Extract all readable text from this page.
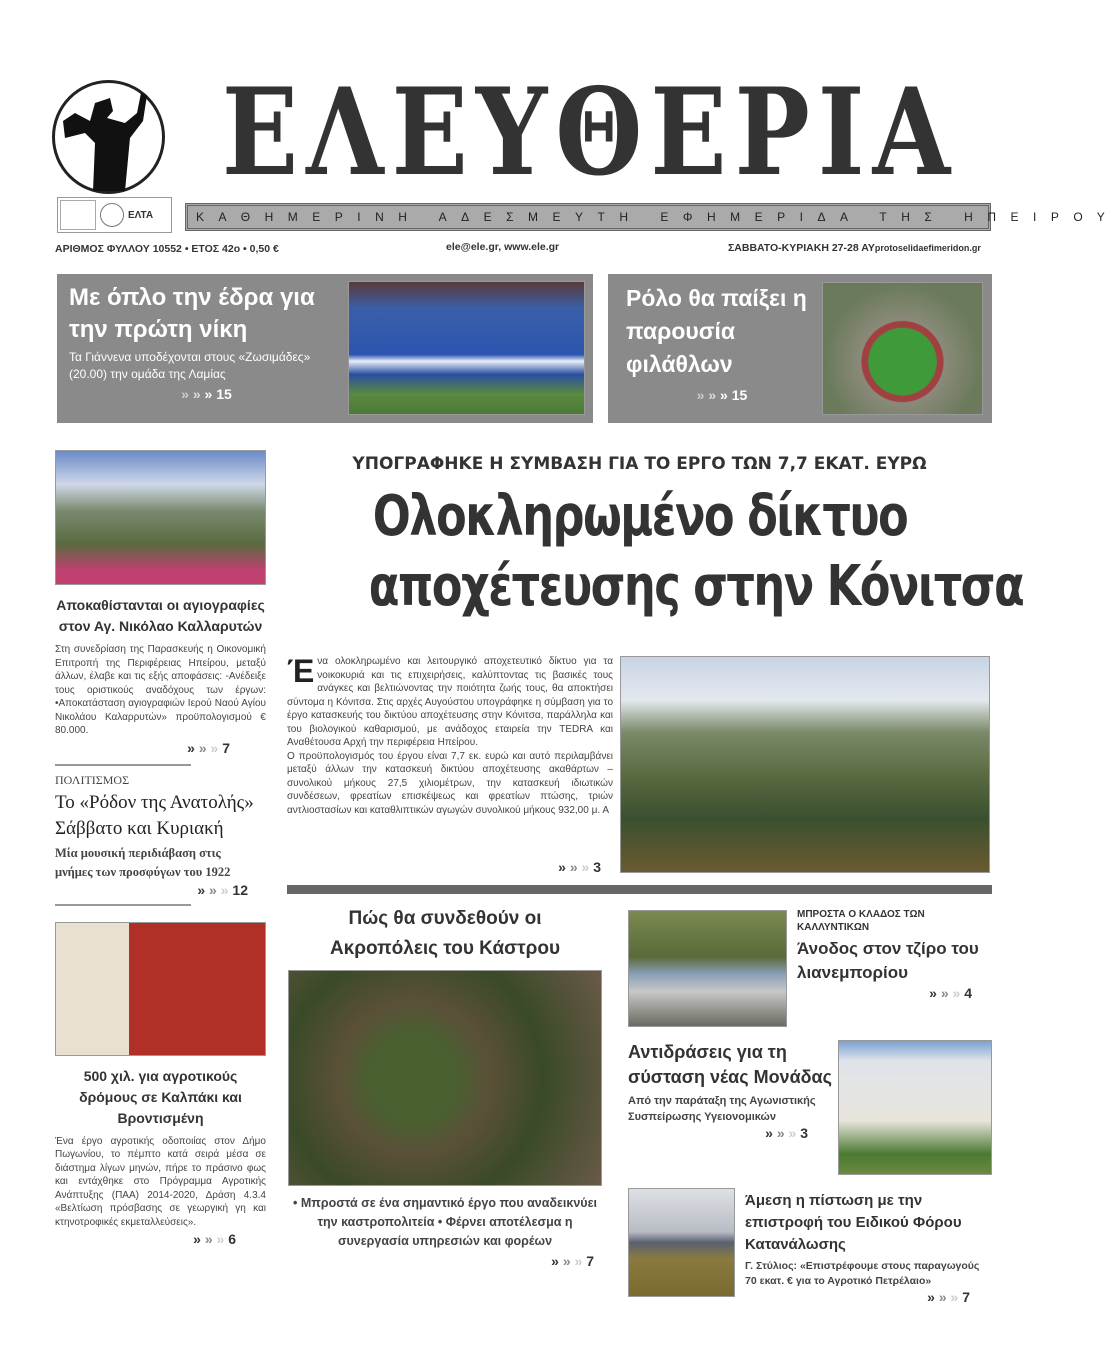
ΕΛΤΑ
ΕΛΕΥΘΕΡΙΑ
ΚΑΘΗΜΕΡΙΝΗ ΑΔΕΣΜΕΥΤΗ ΕΦΗΜΕΡΙΔΑ ΤΗΣ ΗΠΕΙΡΟΥ
ΑΡΙΘΜΟΣ ΦΥΛΛΟΥ 10552 • ΕΤΟΣ 42ο • 0,50 €	ele@ele.gr, www.ele.gr	ΣΑΒΒΑΤΟ-ΚΥΡΙΑΚΗ 27-28 ΑΥprotoselidaefimeridon.gr
Με όπλο την έδρα για την πρώτη νίκη
Τα Γιάννενα υποδέχονται στους «Ζωσιμάδες» (20.00) την ομάδα της Λαμίας
» » » 15
Ρόλο θα παίξει η παρουσία φιλάθλων
» » » 15
Αποκαθίστανται οι αγιογραφίες στον Αγ. Νικόλαο Καλλαρυτών
Στη συνεδρίαση της Παρασκευής η Οικονομική Επιτροπή της Περιφέρειας Ηπείρου, μεταξύ άλλων, έλαβε και τις εξής αποφάσεις: -Ανέδειξε τους οριστικούς αναδόχους των έργων: •Αποκατάσταση αγιογραφιών Ιερού Ναού Αγίου Νικολάου Καλαρρυτών» προϋπολογισμού € 80.000.
» » » 7
ΠΟΛΙΤΙΣΜΟΣ
Το «Ρόδον της Ανατολής» Σάββατο και Κυριακή
Μία μουσική περιδιάβαση στις μνήμες των προσφύγων του 1922
» » » 12
500 χιλ. για αγροτικούς δρόμους σε Καλπάκι και Βροντισμένη
Ένα έργο αγροτικής οδοποιίας στον Δήμο Πωγωνίου, το πέμπτο κατά σειρά μέσα σε διάστημα λίγων μηνών, πήρε το πράσινο φως και εντάχθηκε στο Πρόγραμμα Αγροτικής Ανάπτυξης (ΠΑΑ) 2014-2020, Δράση 4.3.4 «Βελτίωση πρόσβασης σε γεωργική γη και κτηνοτροφικές εκμεταλλεύσεις».
» » » 6
ΥΠΟΓΡΑΦΗΚΕ Η ΣΥΜΒΑΣΗ ΓΙΑ ΤΟ ΕΡΓΟ ΤΩΝ 7,7 ΕΚΑΤ. ΕΥΡΩ
Ολοκληρωμένο δίκτυο
αποχέτευσης στην Κόνιτσα
Ένα ολοκληρωμένο και λειτουργικό αποχετευτικό δίκτυο για τα νοικοκυριά και τις επιχειρήσεις, καλύπτοντας τις βασικές τους ανάγκες και βελτιώνοντας την ποιότητα ζωής τους, θα αποκτήσει σύντομα η Κόνιτσα. Στις αρχές Αυγούστου υπογράφηκε η σύμβαση για το έργο κατασκευής του δικτύου αποχέτευσης στην Κόνιτσα, παράλληλα και του βιολογικού καθαρισμού, με ανάδοχος εταιρεία την TEDRA και Αναθέτουσα Αρχή την περιφέρεια Ηπείρου.
Ο προϋπολογισμός του έργου είναι 7,7 εκ. ευρώ και αυτό περιλαμβάνει μεταξύ άλλων την κατασκευή δικτύου αποχέτευσης ακαθάρτων –συνολικού μήκους 27,5 χιλιομέτρων, την κατασκευή ιδιωτικών συνδέσεων, φρεατίων επισκέψεως και φρεατίων πτώσης, τριών αντλιοστασίων και καταθλιπτικών αγωγών συνολικού μήκους 932,00 μ. Α
» » » 3
Πώς θα συνδεθούν οι Ακροπόλεις του Κάστρου
• Μπροστά σε ένα σημαντικό έργο που αναδεικνύει την καστροπολιτεία • Φέρνει αποτέλεσμα η συνεργασία υπηρεσιών και φορέων
» » » 7
ΜΠΡΟΣΤΑ Ο ΚΛΑΔΟΣ ΤΩΝ ΚΑΛΛΥΝΤΙΚΩΝ
Άνοδος στον τζίρο του λιανεμπορίου
» » » 4
Αντιδράσεις για τη σύσταση νέας Μονάδας
Από την παράταξη της Αγωνιστικής Συσπείρωσης Υγειονομικών
» » » 3
Άμεση η πίστωση με την επιστροφή του Ειδικού Φόρου Κατανάλωσης
Γ. Στύλιος: «Επιστρέφουμε στους παραγωγούς 70 εκατ. € για το Αγροτικό Πετρέλαιο»
» » » 7
